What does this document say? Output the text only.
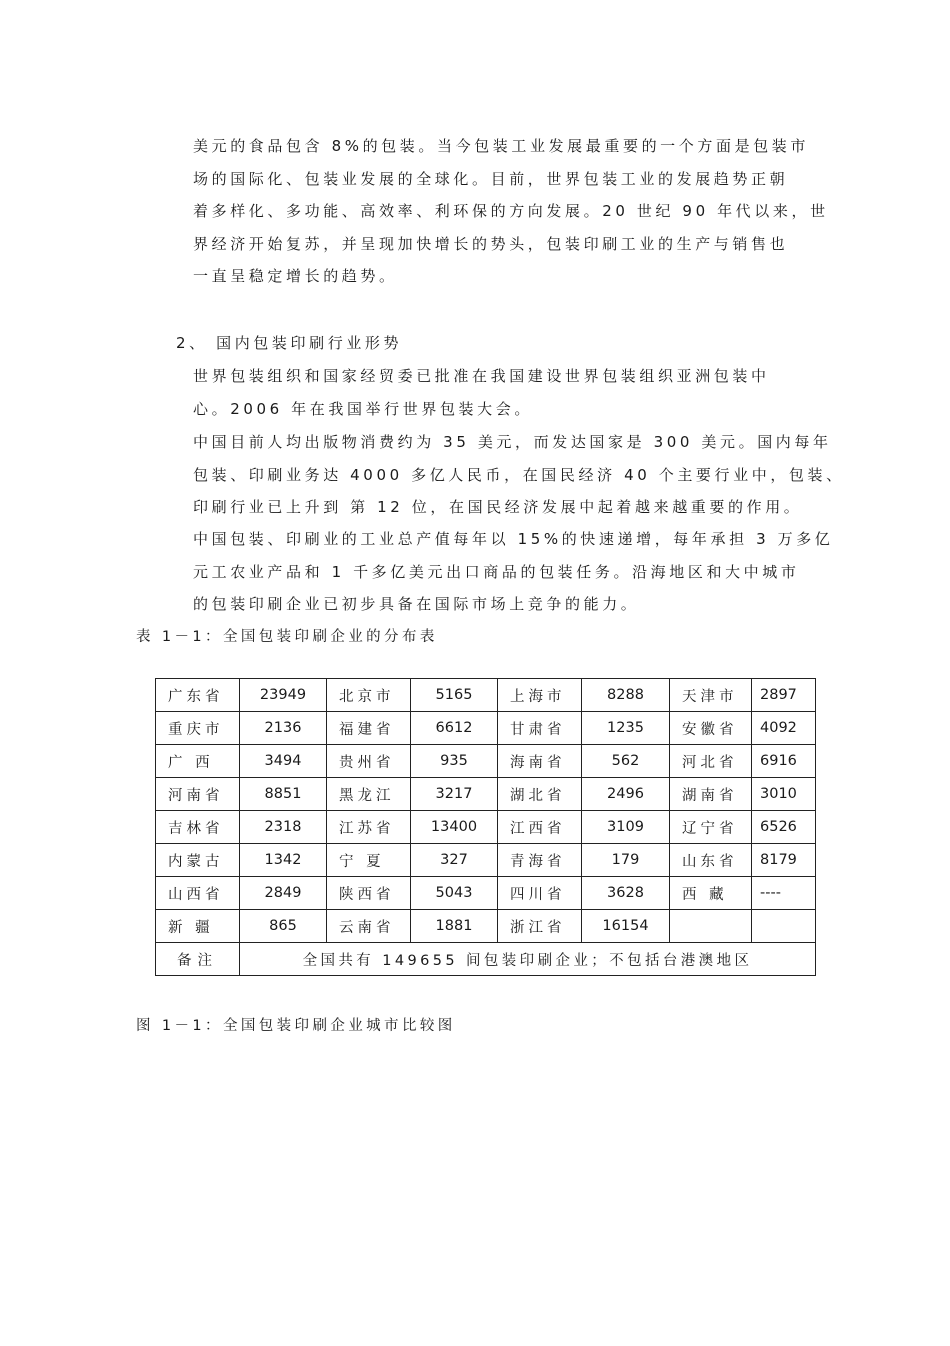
美元的食品包含 8%的包装。当今包装工业发展最重要的一个方面是包装市
场的国际化、包装业发展的全球化。目前，世界包装工业的发展趋势正朝
着多样化、多功能、高效率、利环保的方向发展。20 世纪 90 年代以来，世
界经济开始复苏，并呈现加快增长的势头，包装印刷工业的生产与销售也
一直呈稳定增长的趋势。
2、 国内包装印刷行业形势
世界包装组织和国家经贸委已批准在我国建设世界包装组织亚洲包装中
心。2006 年在我国举行世界包装大会。
中国目前人均出版物消费约为 35 美元，而发达国家是 300 美元。国内每年
包装、印刷业务达 4000 多亿人民币，在国民经济 40 个主要行业中，包装、
印刷行业已上升到 第 12 位，在国民经济发展中起着越来越重要的作用。
中国包装、印刷业的工业总产值每年以 15%的快速递增，每年承担 3 万多亿
元工农业产品和 1 千多亿美元出口商品的包装任务。沿海地区和大中城市
的包装印刷企业已初步具备在国际市场上竞争的能力。
表 1－1：全国包装印刷企业的分布表
广东省	23949	北京市	5165	上海市	8288	天津市	2897
重庆市	2136	福建省	6612	甘肃省	1235	安徽省	4092
广 西	3494	贵州省	935	海南省	562	河北省	6916
河南省	8851	黑龙江	3217	湖北省	2496	湖南省	3010
吉林省	2318	江苏省	13400	江西省	3109	辽宁省	6526
内蒙古	1342	宁 夏	327	青海省	179	山东省	8179
山西省	2849	陕西省	5043	四川省	3628	西 藏	----
新 疆	865	云南省	1881	浙江省	16154		
备注	全国共有 149655 间包装印刷企业；不包括台港澳地区						
图 1－1：全国包装印刷企业城市比较图
